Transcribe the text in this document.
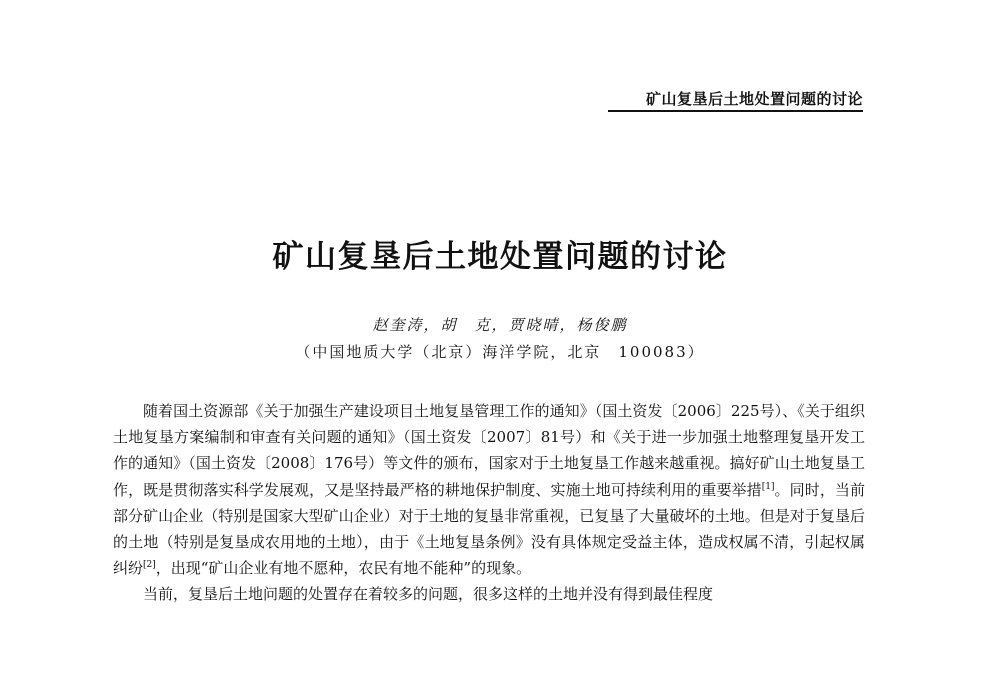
矿山复垦后土地处置问题的讨论
矿山复垦后土地处置问题的讨论
赵奎涛，胡　克，贾晓晴，杨俊鹏
（中国地质大学（北京）海洋学院，北京　100083）

随着国土资源部《关于加强生产建设项目土地复垦管理工作的通知》（国土资发〔2006〕225号）、《关于组织土地复垦方案编制和审查有关问题的通知》（国土资发〔2007〕81号）和《关于进一步加强土地整理复垦开发工作的通知》（国土资发〔2008〕176号）等文件的颁布，国家对于土地复垦工作越来越重视。搞好矿山土地复垦工作，既是贯彻落实科学发展观，又是坚持最严格的耕地保护制度、实施土地可持续利用的重要举措[1]。同时，当前部分矿山企业（特别是国家大型矿山企业）对于土地的复垦非常重视，已复垦了大量破坏的土地。但是对于复垦后的土地（特别是复垦成农用地的土地），由于《土地复垦条例》没有具体规定受益主体，造成权属不清，引起权属纠纷[2]，出现“矿山企业有地不愿种，农民有地不能种”的现象。

当前，复垦后土地问题的处置存在着较多的问题，很多这样的土地并没有得到最佳程度
